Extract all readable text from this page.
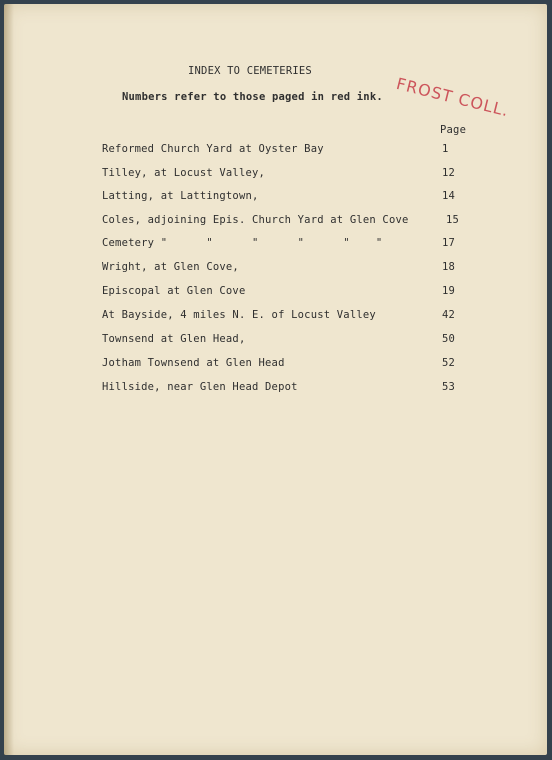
INDEX TO CEMETERIES
Numbers refer to those paged in red ink. FROST COLL.
Page
Reformed Church Yard at Oyster Bay	1
Tilley, at Locust Valley,	12
Latting, at Lattingtown,	14
Coles, adjoining Epis. Church Yard at Glen Cove	15
Cemetery "      "      "      "      "    "	17
Wright, at Glen Cove,	18
Episcopal at Glen Cove	19
At Bayside, 4 miles N. E. of Locust Valley	42
Townsend at Glen Head,	50
Jotham Townsend at Glen Head	52
Hillside, near Glen Head Depot	53
